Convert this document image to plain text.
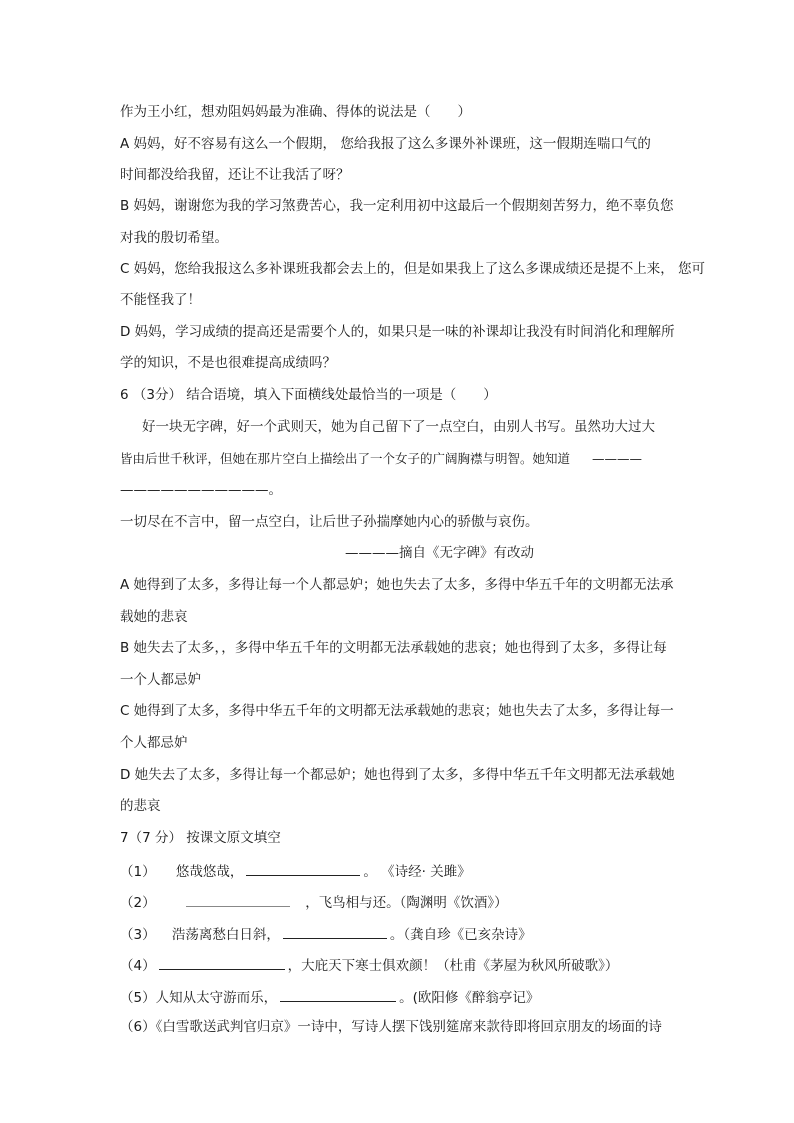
作为王小红，想劝阻妈妈最为准确、得体的说法是（　　）
A 妈妈，好不容易有这么一个假期， 您给我报了这么多课外补课班，这一假期连喘口气的
时间都没给我留，还让不让我活了呀？
B 妈妈，谢谢您为我的学习煞费苦心，我一定利用初中这最后一个假期刻苦努力，绝不辜负您
对我的殷切希望。
C 妈妈，您给我报这么多补课班我都会去上的，但是如果我上了这么多课成绩还是提不上来， 您可
不能怪我了！
D 妈妈，学习成绩的提高还是需要个人的，如果只是一味的补课却让我没有时间消化和理解所
学的知识，不是也很难提高成绩吗？
6 （3分） 结合语境，填入下面横线处最恰当的一项是（　　）
好一块无字碑，好一个武则天，她为自己留下了一点空白，由别人书写。虽然功大过大
皆由后世千秋评，但她在那片空白上描绘出了一个女子的广阔胸襟与明智。她知道 ————
———————————。
一切尽在不言中，留一点空白，让后世子孙揣摩她内心的骄傲与哀伤。
————摘自《无字碑》有改动
A 她得到了太多，多得让每一个人都忌妒；她也失去了太多，多得中华五千年的文明都无法承
载她的悲哀
B 她失去了太多，，多得中华五千年的文明都无法承载她的悲哀；她也得到了太多，多得让每
一个人都忌妒
C 她得到了太多，多得中华五千年的文明都无法承载她的悲哀；她也失去了太多，多得让每一
个人都忌妒
D 她失去了太多，多得让每一个都忌妒；她也得到了太多，多得中华五千年文明都无法承载她
的悲哀
7（7 分） 按课文原文填空
（1） 悠哉悠哉，	。 《诗经· 关雎》
（2）	，飞鸟相与还。（陶渊明《饮酒》）
（3） 浩荡离愁白日斜，	。（龚自珍《已亥杂诗》
（4）	，大庇天下寒士俱欢颜！（杜甫《茅屋为秋风所破歌》）
（5）人知从太守游而乐，	。(欧阳修《醉翁亭记》
（6）《白雪歌送武判官归京》一诗中，写诗人摆下饯别筵席来款待即将回京朋友的场面的诗
